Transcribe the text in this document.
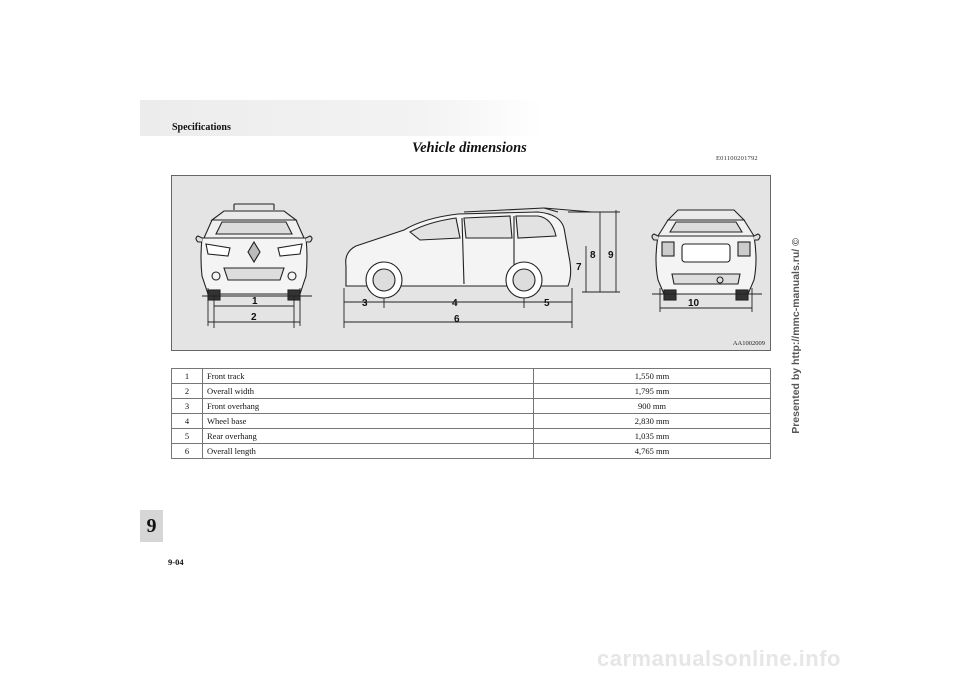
Specifications
Vehicle dimensions
E01100201792
1
2
3	4	5
6
7
8 9
10
AA1002009
1	Front track	1,550 mm
2	Overall width	1,795 mm
3	Front overhang	900 mm
4	Wheel base	2,830 mm
5	Rear overhang	1,035 mm
6	Overall length	4,765 mm
9
9-04
Presented by http://mmc-manuals.ru/ ©
carmanualsonline.info
